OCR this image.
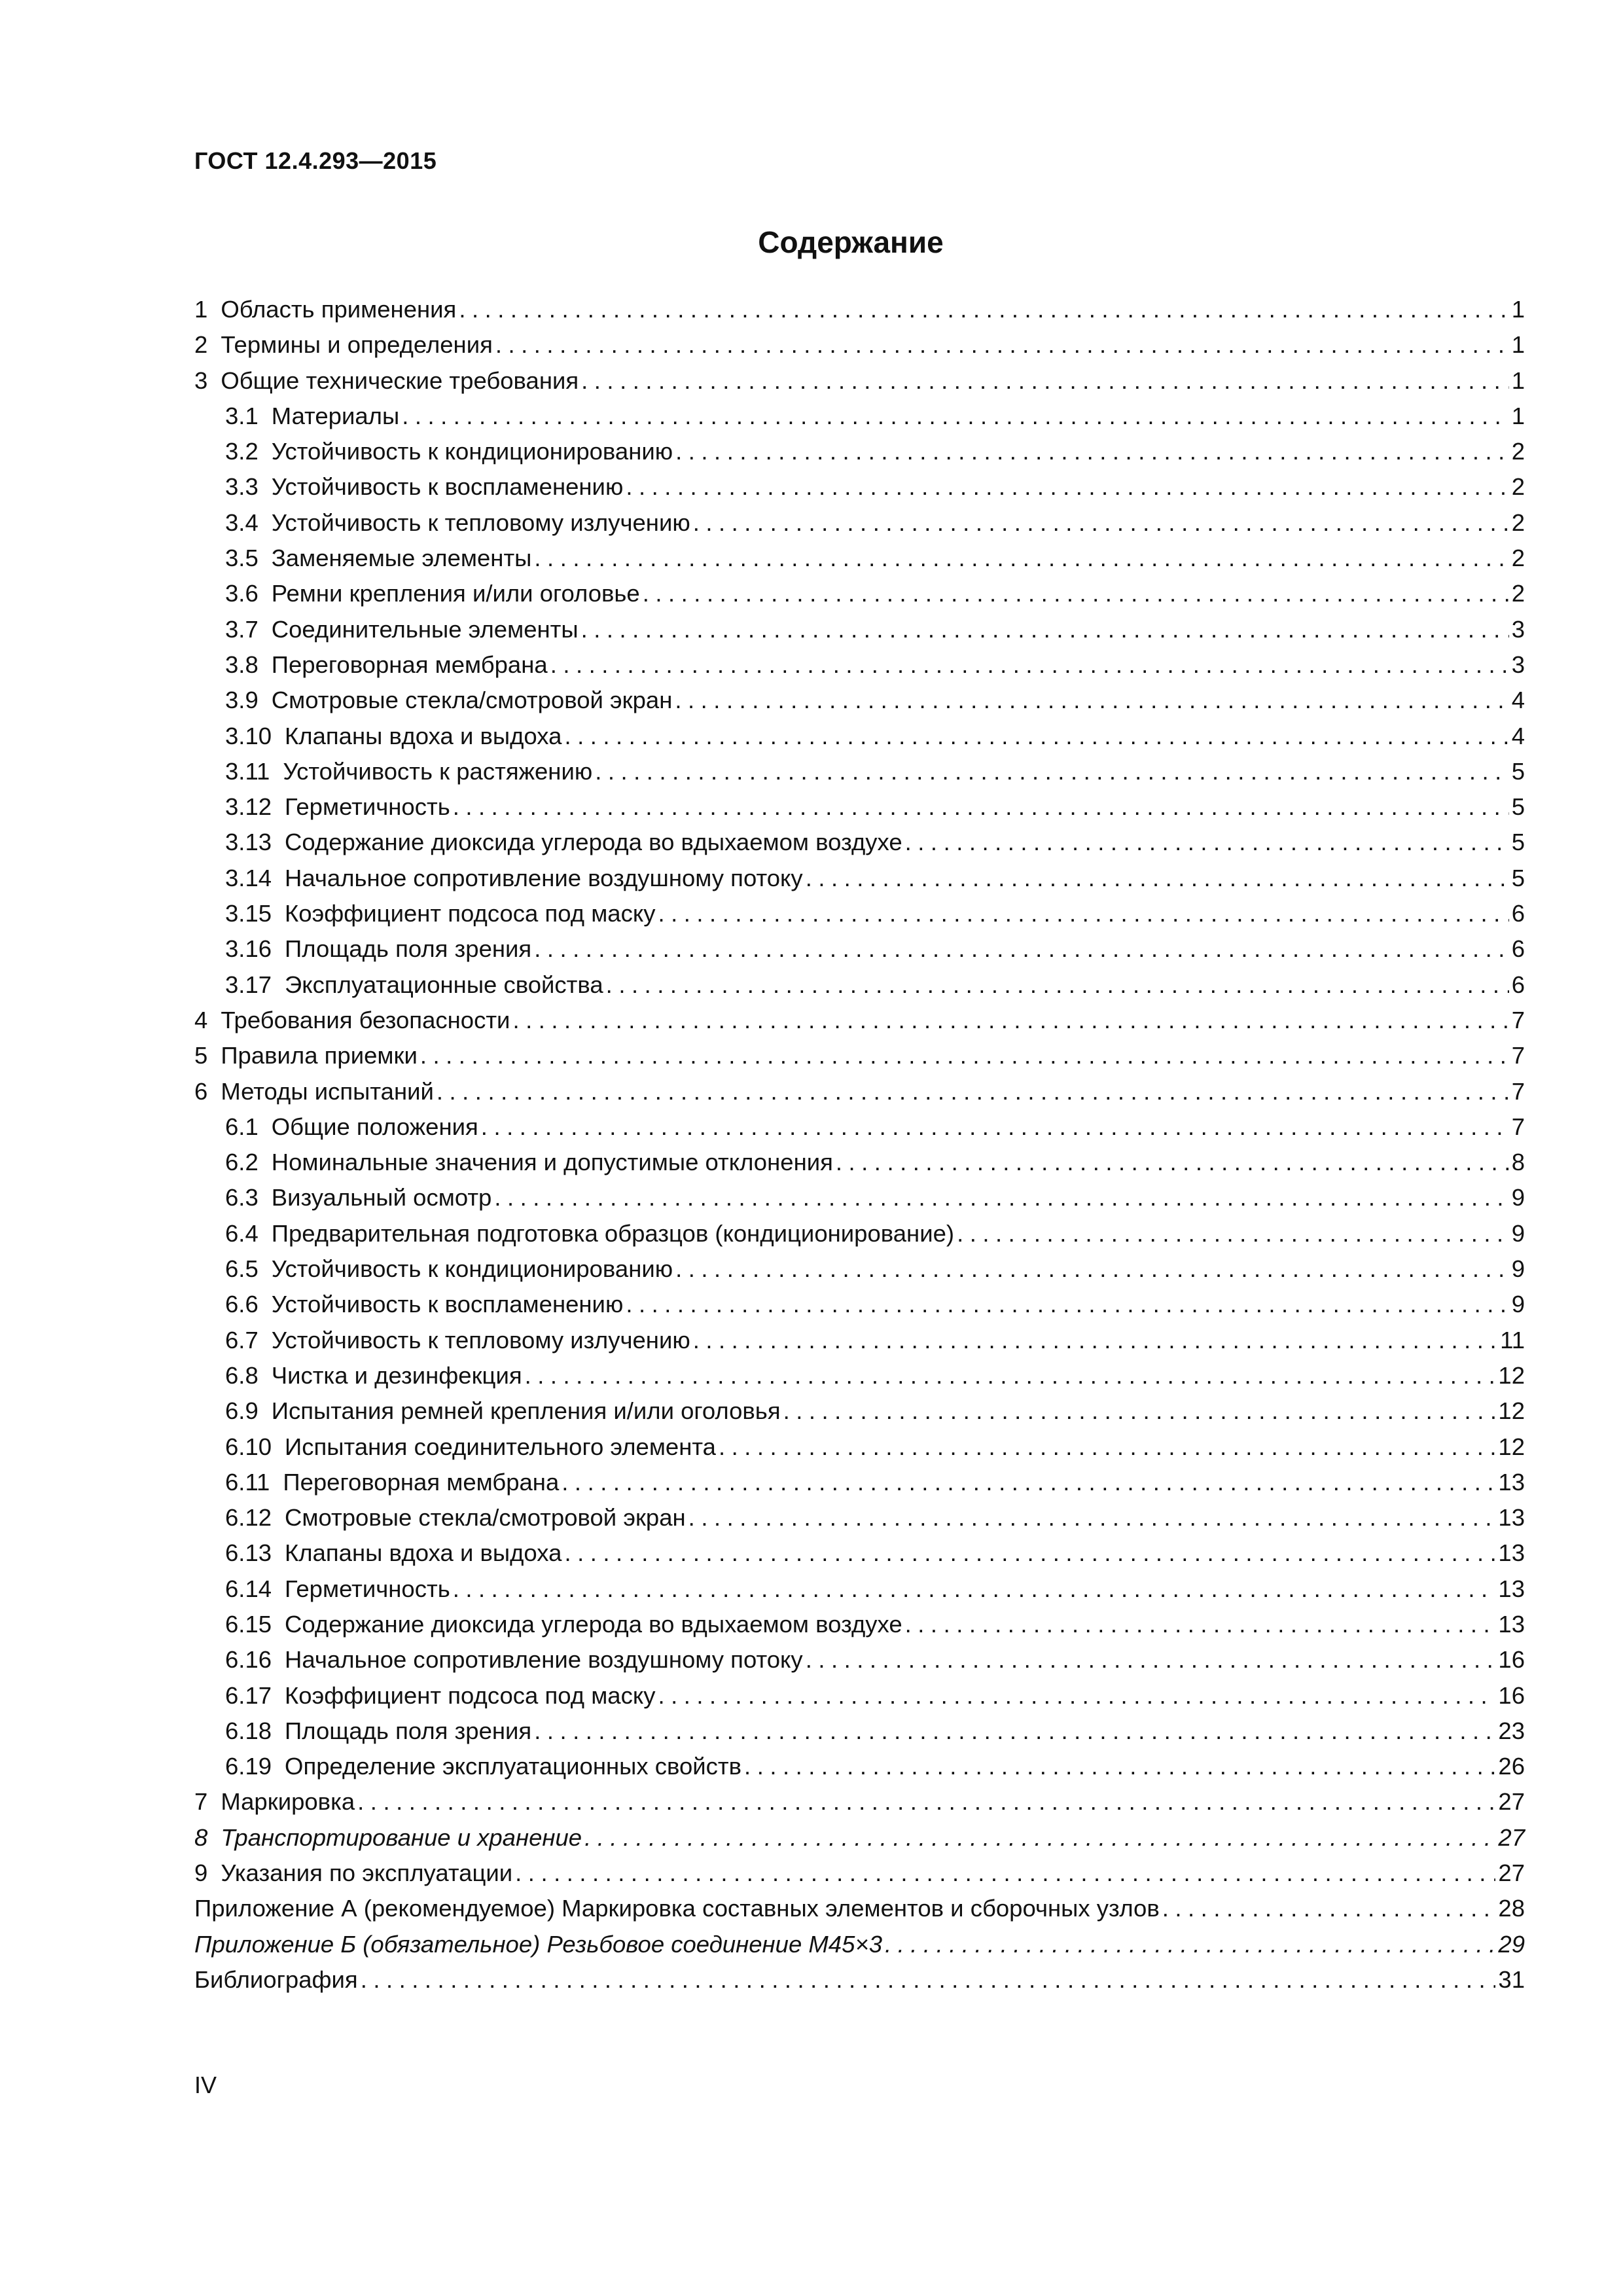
ГОСТ 12.4.293—2015
Содержание
1 Область применения .....	1
2 Термины и определения .....	1
3 Общие технические требования .....	1
3.1 Материалы .....	1
3.2 Устойчивость к кондиционированию .....	2
3.3 Устойчивость к воспламенению .....	2
3.4 Устойчивость к тепловому излучению .....	2
3.5 Заменяемые элементы .....	2
3.6 Ремни крепления и/или оголовье .....	2
3.7 Соединительные элементы .....	3
3.8 Переговорная мембрана .....	3
3.9 Смотровые стекла/смотровой экран .....	4
3.10 Клапаны вдоха и выдоха .....	4
3.11 Устойчивость к растяжению .....	5
3.12 Герметичность .....	5
3.13 Содержание диоксида углерода во вдыхаемом воздухе .....	5
3.14 Начальное сопротивление воздушному потоку .....	5
3.15 Коэффициент подсоса под маску .....	6
3.16 Площадь поля зрения .....	6
3.17 Эксплуатационные свойства .....	6
4 Требования безопасности .....	7
5 Правила приемки .....	7
6 Методы испытаний .....	7
6.1 Общие положения .....	7
6.2 Номинальные значения и допустимые отклонения .....	8
6.3 Визуальный осмотр .....	9
6.4 Предварительная подготовка образцов (кондиционирование) .....	9
6.5 Устойчивость к кондиционированию .....	9
6.6 Устойчивость к воспламенению .....	9
6.7 Устойчивость к тепловому излучению .....	11
6.8 Чистка и дезинфекция .....	12
6.9 Испытания ремней крепления и/или оголовья .....	12
6.10 Испытания соединительного элемента .....	12
6.11 Переговорная мембрана .....	13
6.12 Смотровые стекла/смотровой экран .....	13
6.13 Клапаны вдоха и выдоха .....	13
6.14 Герметичность .....	13
6.15 Содержание диоксида углерода во вдыхаемом воздухе .....	13
6.16 Начальное сопротивление воздушному потоку .....	16
6.17 Коэффициент подсоса под маску .....	16
6.18 Площадь поля зрения .....	23
6.19 Определение эксплуатационных свойств .....	26
7 Маркировка .....	27
8 Транспортирование и хранение .....	27
9 Указания по эксплуатации .....	27
Приложение А (рекомендуемое) Маркировка составных элементов и сборочных узлов .....	28
Приложение Б (обязательное) Резьбовое соединение М45×3 .....	29
Библиография .....	31
IV
